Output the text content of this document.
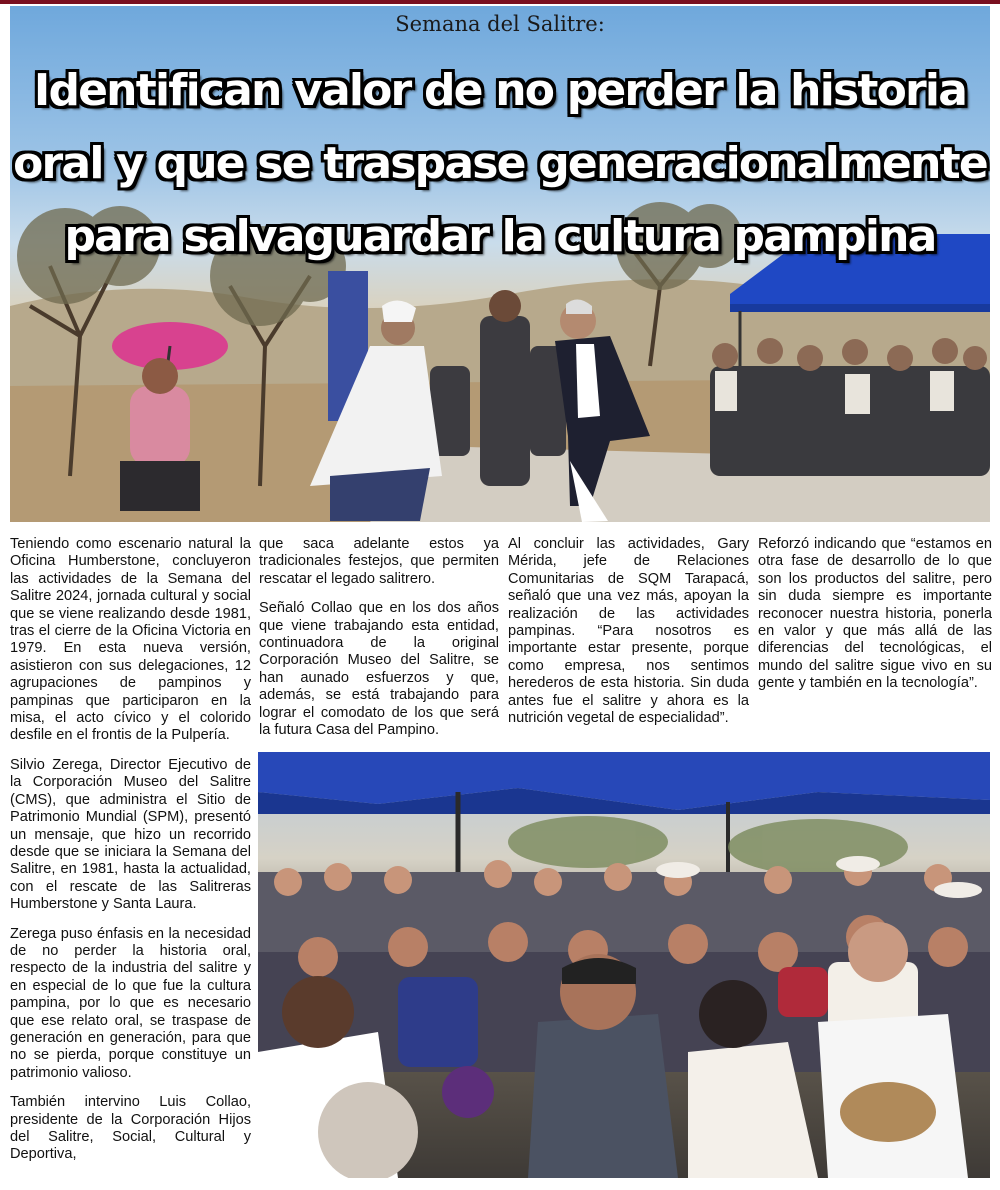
Semana del Salitre:
Identifican valor de no perder la historia
oral y que se traspase generacionalmente
para salvaguardar la cultura pampina

Teniendo como escenario natural la Oficina Humberstone, concluyeron las actividades de la Semana del Salitre 2024, jornada cultural y social que se viene realizando desde 1981, tras el cierre de la Oficina Victoria en 1979. En esta nueva versión, asistieron con sus delegaciones, 12 agrupaciones de pampinos y pampinas que participaron en la misa, el acto cívico y el colorido desfile en el frontis de la Pulpería.

Silvio Zerega, Director Ejecutivo de la Corporación Museo del Salitre (CMS), que administra el Sitio de Patrimonio Mundial (SPM), presentó un mensaje, que hizo un recorrido desde que se iniciara la Semana del Salitre, en 1981, hasta la actualidad, con el rescate de las Salitreras Humberstone y Santa Laura.

Zerega puso énfasis en la necesidad de no perder la historia oral, respecto de la industria del salitre y en especial de lo que fue la cultura pampina, por lo que es necesario que ese relato oral, se traspase de generación en generación, para que no se pierda, porque constituye un patrimonio valioso.

También intervino Luis Collao, presidente de la Corporación Hijos del Salitre, Social, Cultural y Deportiva,

que saca adelante estos ya tradicionales festejos, que permiten rescatar el legado salitrero.

Señaló Collao que en los dos años que viene trabajando esta entidad, continuadora de la original Corporación Museo del Salitre, se han aunado esfuerzos y que, además, se está trabajando para lograr el comodato de los que será la futura Casa del Pampino.

Al concluir las actividades, Gary Mérida, jefe de Relaciones Comunitarias de SQM Tarapacá, señaló que una vez más, apoyan la realización de las actividades pampinas. “Para nosotros es importante estar presente, porque como empresa, nos sentimos herederos de esta historia. Sin duda antes fue el salitre y ahora es la nutrición vegetal de especialidad”.

Reforzó indicando que “estamos en otra fase de desarrollo de lo que son los productos del salitre, pero sin duda siempre es importante reconocer nuestra historia, ponerla en valor y que más allá de las diferencias del tecnológicas, el mundo del salitre sigue vivo en su gente y también en la tecnología”.
